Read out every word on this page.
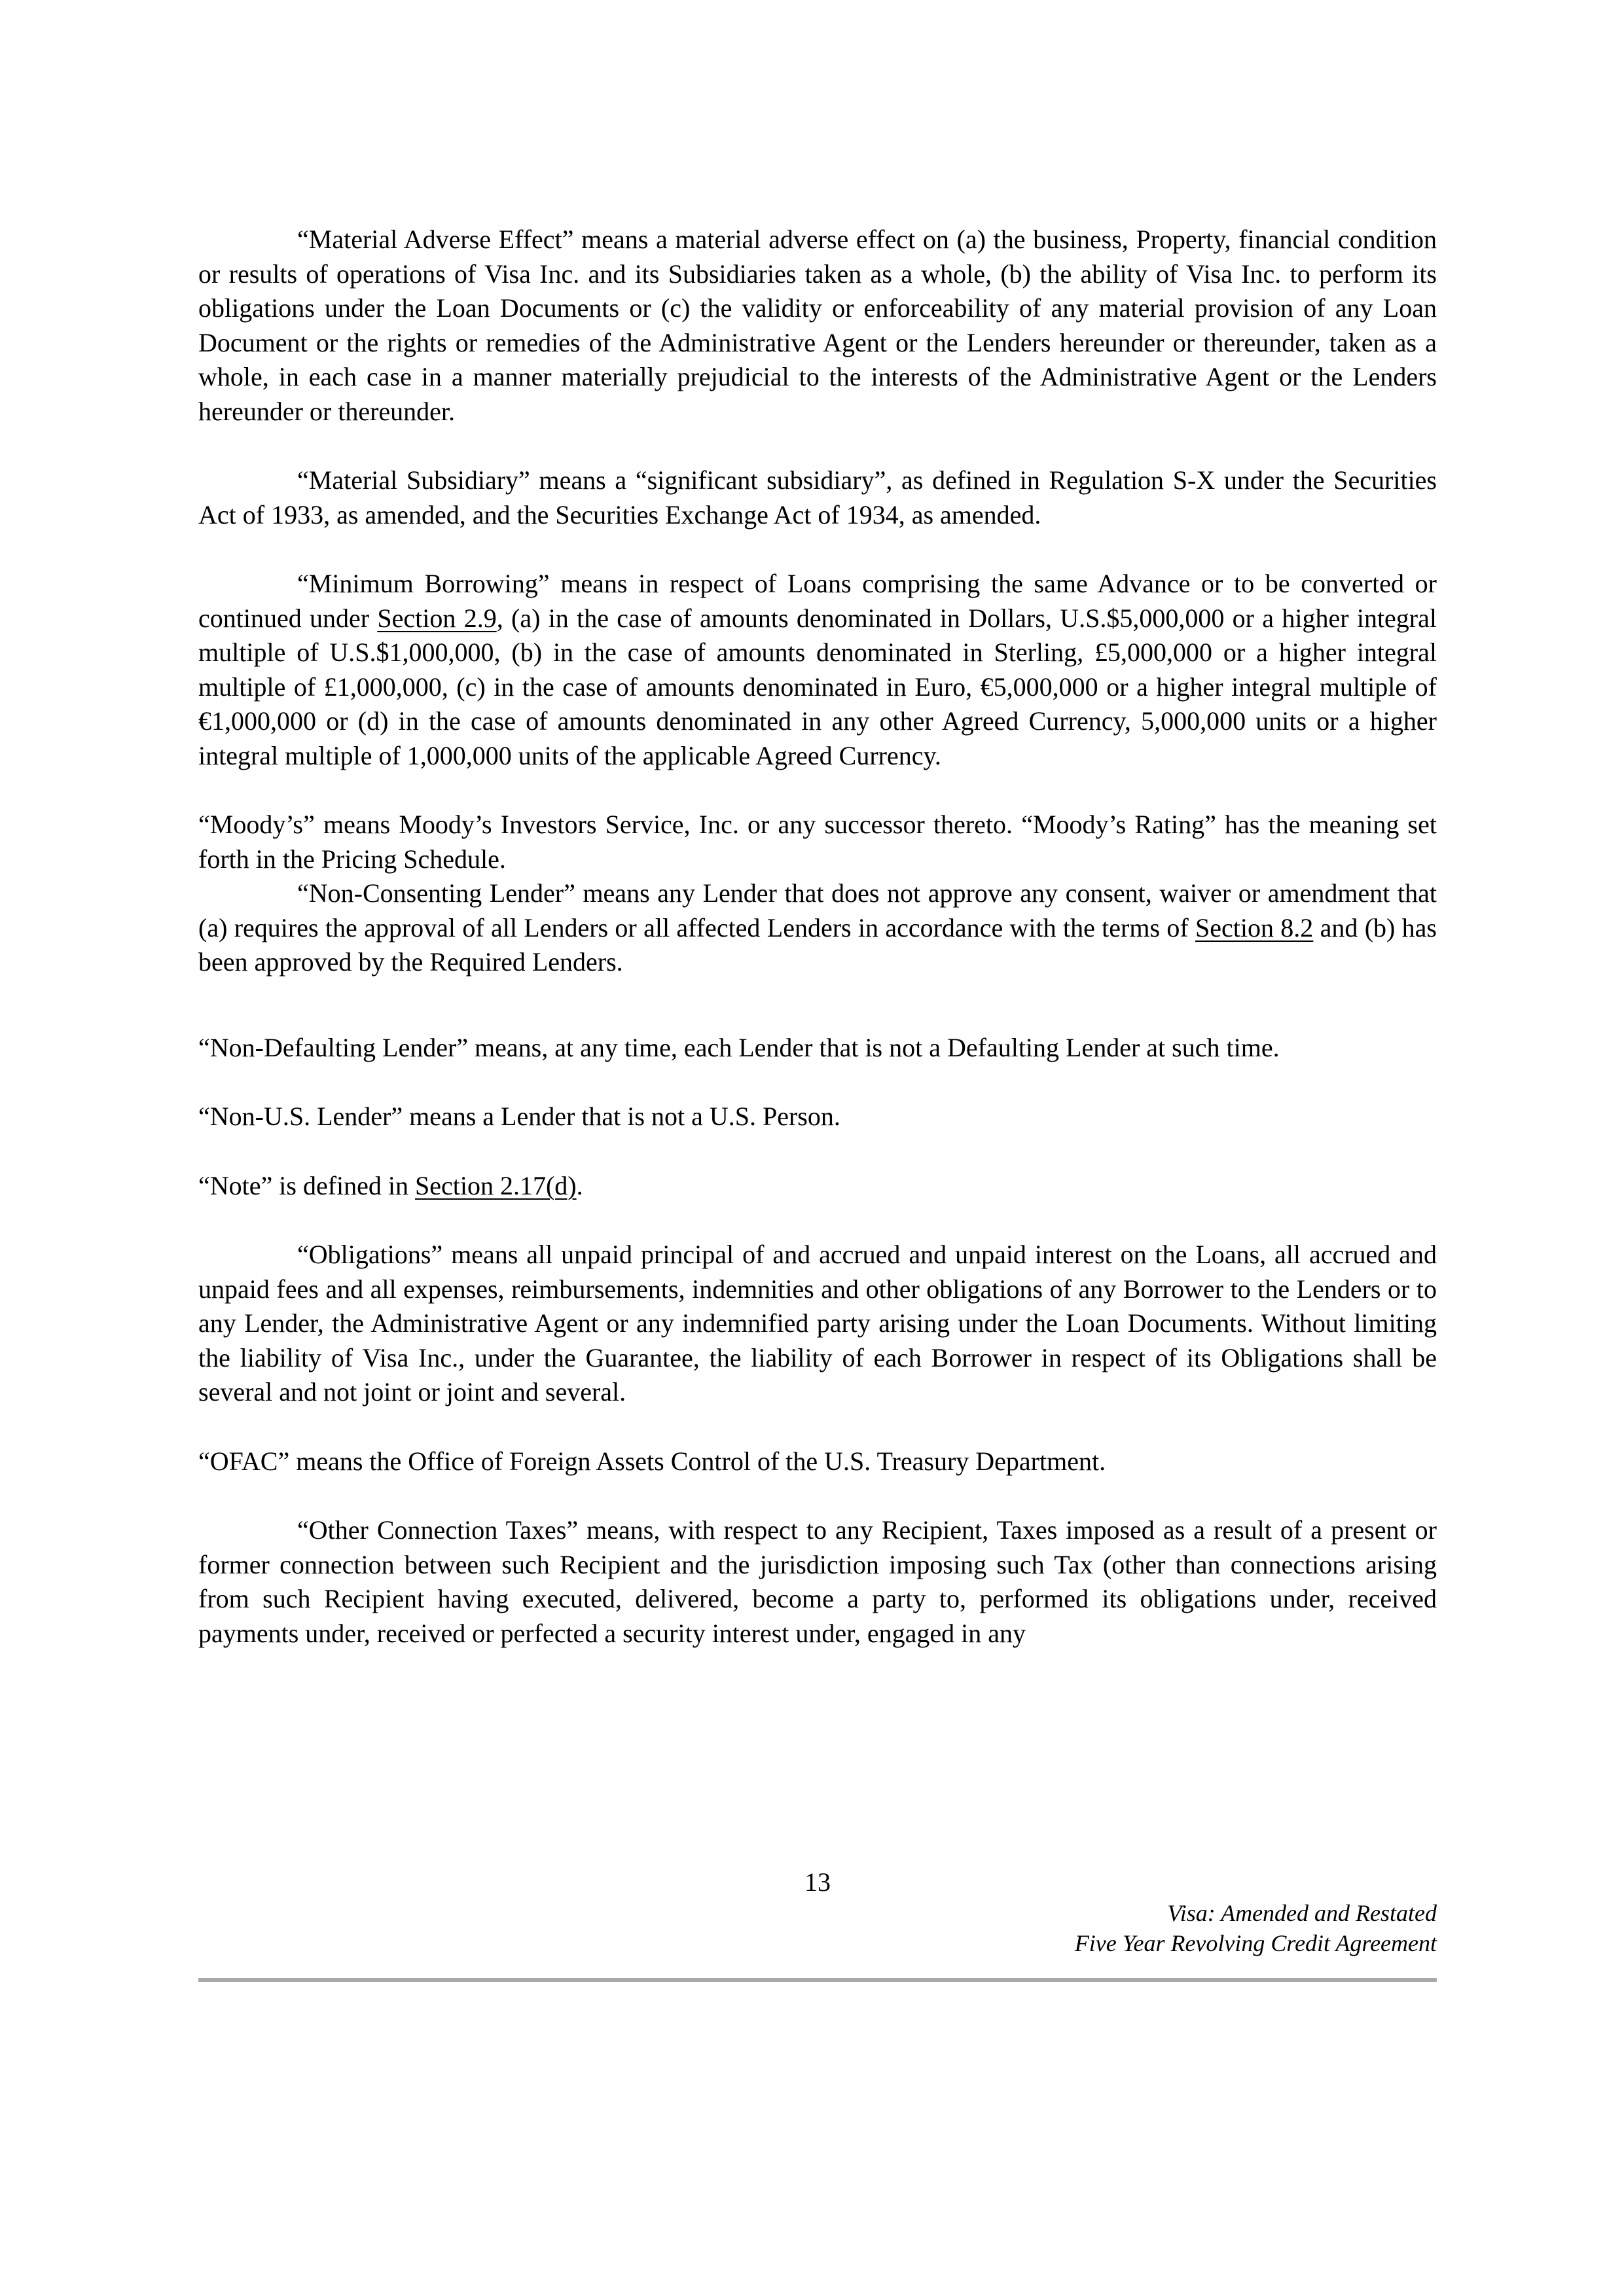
“Material Adverse Effect” means a material adverse effect on (a) the business, Property, financial condition or results of operations of Visa Inc. and its Subsidiaries taken as a whole, (b) the ability of Visa Inc. to perform its obligations under the Loan Documents or (c) the validity or enforceability of any material provision of any Loan Document or the rights or remedies of the Administrative Agent or the Lenders hereunder or thereunder, taken as a whole, in each case in a manner materially prejudicial to the interests of the Administrative Agent or the Lenders hereunder or thereunder.

“Material Subsidiary” means a “significant subsidiary”, as defined in Regulation S-X under the Securities Act of 1933, as amended, and the Securities Exchange Act of 1934, as amended.

“Minimum Borrowing” means in respect of Loans comprising the same Advance or to be converted or continued under Section 2.9, (a) in the case of amounts denominated in Dollars, U.S.$5,000,000 or a higher integral multiple of U.S.$1,000,000, (b) in the case of amounts denominated in Sterling, £5,000,000 or a higher integral multiple of £1,000,000, (c) in the case of amounts denominated in Euro, €5,000,000 or a higher integral multiple of €1,000,000 or (d) in the case of amounts denominated in any other Agreed Currency, 5,000,000 units or a higher integral multiple of 1,000,000 units of the applicable Agreed Currency.

“Moody’s” means Moody’s Investors Service, Inc. or any successor thereto. “Moody’s Rating” has the meaning set forth in the Pricing Schedule.

“Non-Consenting Lender” means any Lender that does not approve any consent, waiver or amendment that (a) requires the approval of all Lenders or all affected Lenders in accordance with the terms of Section 8.2 and (b) has been approved by the Required Lenders.

“Non-Defaulting Lender” means, at any time, each Lender that is not a Defaulting Lender at such time.

“Non-U.S. Lender” means a Lender that is not a U.S. Person.

“Note” is defined in Section 2.17(d).

“Obligations” means all unpaid principal of and accrued and unpaid interest on the Loans, all accrued and unpaid fees and all expenses, reimbursements, indemnities and other obligations of any Borrower to the Lenders or to any Lender, the Administrative Agent or any indemnified party arising under the Loan Documents. Without limiting the liability of Visa Inc., under the Guarantee, the liability of each Borrower in respect of its Obligations shall be several and not joint or joint and several.

“OFAC” means the Office of Foreign Assets Control of the U.S. Treasury Department.

“Other Connection Taxes” means, with respect to any Recipient, Taxes imposed as a result of a present or former connection between such Recipient and the jurisdiction imposing such Tax (other than connections arising from such Recipient having executed, delivered, become a party to, performed its obligations under, received payments under, received or perfected a security interest under, engaged in any

13

Visa: Amended and Restated

Five Year Revolving Credit Agreement
